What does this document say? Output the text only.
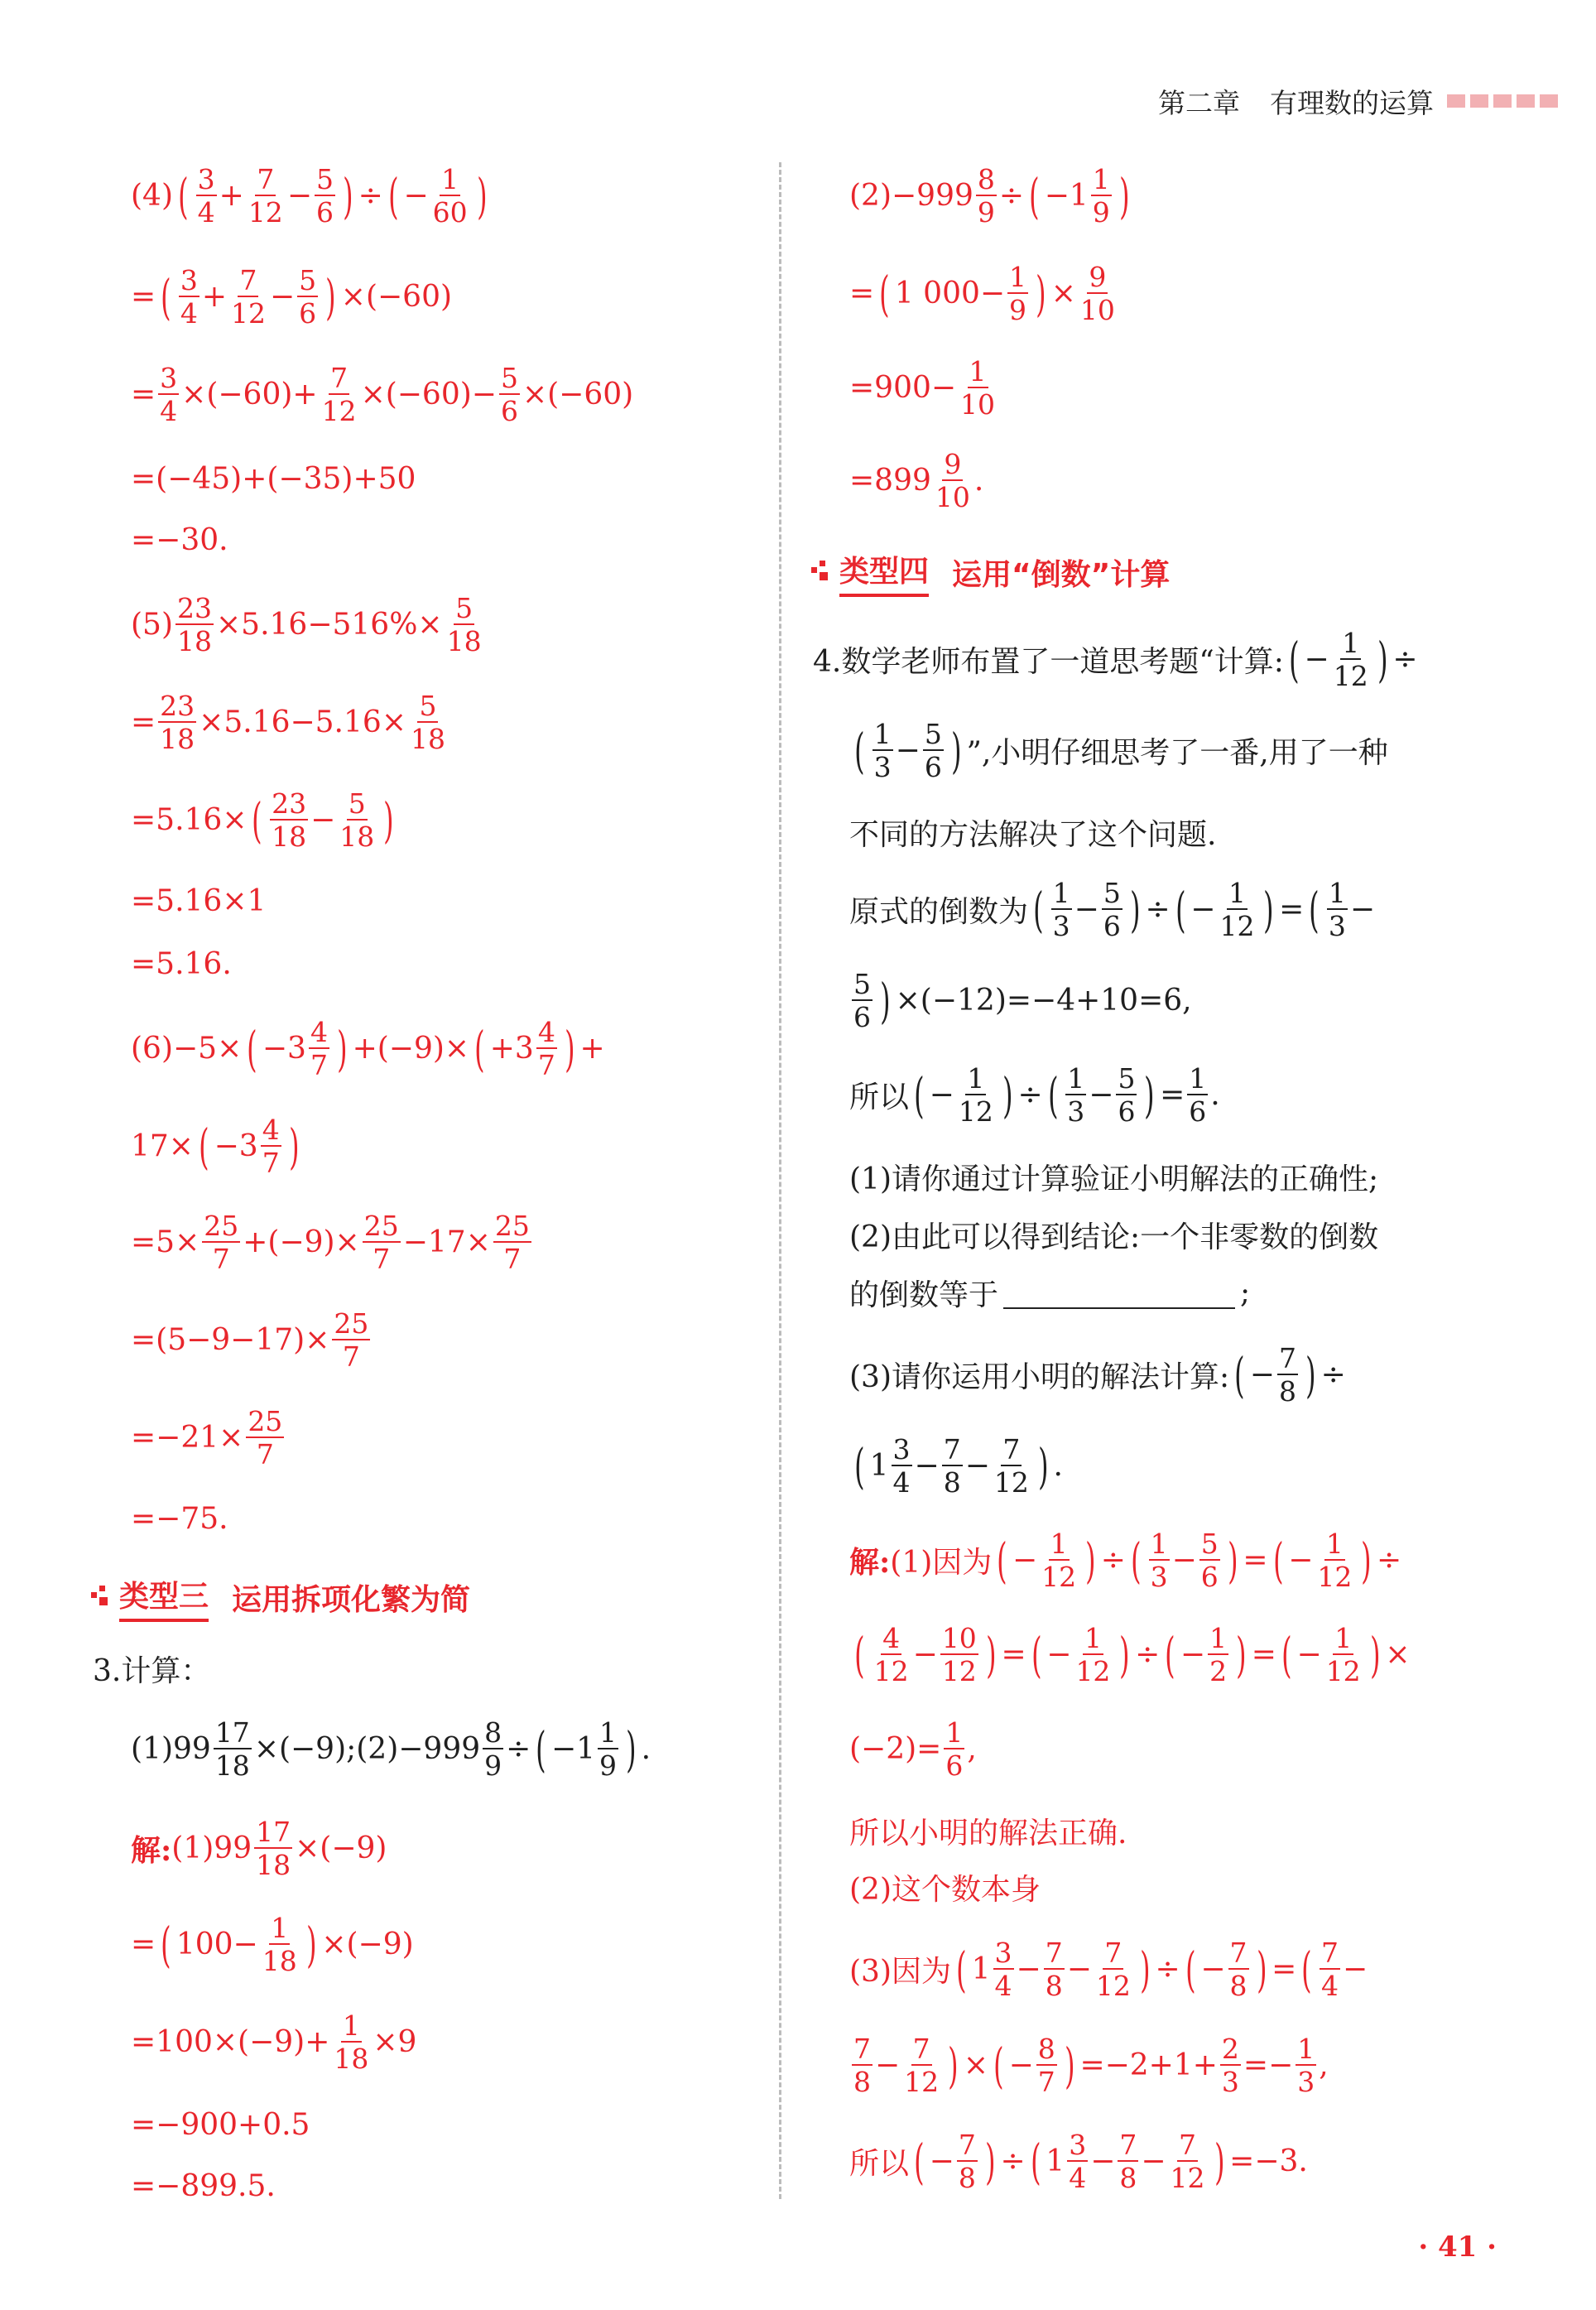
第二章 有理数的运算
(4) ( $\frac{3}{4} + \frac{7}{12} - \frac{5}{6}$ ) ÷ ( − $\frac{1}{60}$ )
= ( $\frac{3}{4} + \frac{7}{12} - \frac{5}{6}$ ) ×(−60)
= $\frac{3}{4} \times(-60)+ \frac{7}{12} \times(-60)- \frac{5}{6} \times(-60)$
=(−45)+(−35)+50
=−30.
$(5) \frac{23}{18} \times 5.16-516\%\times \frac{5}{18}$
= $\frac{23}{18} \times 5.16-5.16\times \frac{5}{18}$
=5.16× ( $\frac{23}{18} - \frac{5}{18}$ )
=5.16×1
=5.16.
(6) −5× ( $-3 \frac{4}{7}$ ) +(−9)× ( $+3 \frac{4}{7}$ ) +
17× ( $-3 \frac{4}{7}$ )
$=5\times \frac{25}{7} +(-9)\times \frac{25}{7} -17\times \frac{25}{7}$
$=(5-9-17)\times \frac{25}{7}$
$=-21\times \frac{25}{7}$
=−75.
类型三 运用拆项化繁为简
3.计算：
$(1)99 \frac{17}{18}$ ×(−9);(2)−999 $\frac{8}{9}$ ÷ ( $-1 \frac{1}{9}$ ) .
解: $(1)99 \frac{17}{18} \times(-9)$
= ( $100- \frac{1}{18}$ ) ×(−9)
$=100\times(-9)+ \frac{1}{18} \times 9$
=−900+0.5
=−899.5.
$(2) -999 \frac{8}{9}$ ÷ ( $-1 \frac{1}{9}$ )
= ( 1 $000- \frac{1}{9}$ ) × $\frac{9}{10}$
$=900- \frac{1}{10}$
$=899 \frac{9}{10}$ .
类型四 运用“倒数”计算
4.数学老师布置了一道思考题“计算: ( − $\frac{1}{12}$ ) ÷
( $\frac{1}{3} - \frac{5}{6}$ ) ”,小明仔细思考了一番,用了一种
不同的方法解决了这个问题.
原式的倒数为 ( $\frac{1}{3} - \frac{5}{6}$ ) ÷ ( − $\frac{1}{12}$ ) = ( $\frac{1}{3}$ −
$\frac{5}{6}$ ) ×(−12)=−4+10=6,
所以 ( − $\frac{1}{12}$ ) ÷ ( $\frac{1}{3} - \frac{5}{6}$ ) = $\frac{1}{6}$ .
(1)请你通过计算验证小明解法的正确性;
(2)由此可以得到结论:一个非零数的倒数
的倒数等于	;
(3)请你运用小明的解法计算: ( − $\frac{7}{8}$ ) ÷
( $1 \frac{3}{4} - \frac{7}{8} - \frac{7}{12}$ ) .
解: (1)因为 ( − $\frac{1}{12}$ ) ÷ ( $\frac{1}{3} - \frac{5}{6}$ ) = ( − $\frac{1}{12}$ ) ÷
( $\frac{4}{12} - \frac{10}{12}$ ) = ( − $\frac{1}{12}$ ) ÷ ( − $\frac{1}{2}$ ) = ( − $\frac{1}{12}$ ) ×
$(-2)= \frac{1}{6}$ ,
所以小明的解法正确.
(2)这个数本身
(3)因为 ( $1 \frac{3}{4} - \frac{7}{8} - \frac{7}{12}$ ) ÷ ( − $\frac{7}{8}$ ) = ( $\frac{7}{4}$ −
$\frac{7}{8} - \frac{7}{12}$ ) × ( − $\frac{8}{7}$ ) $=-2+1+ \frac{2}{3} =- \frac{1}{3}$ ,
所以 ( − $\frac{7}{8}$ ) ÷ ( $1 \frac{3}{4} - \frac{7}{8} - \frac{7}{12}$ ) =−3.
· 41 ·
